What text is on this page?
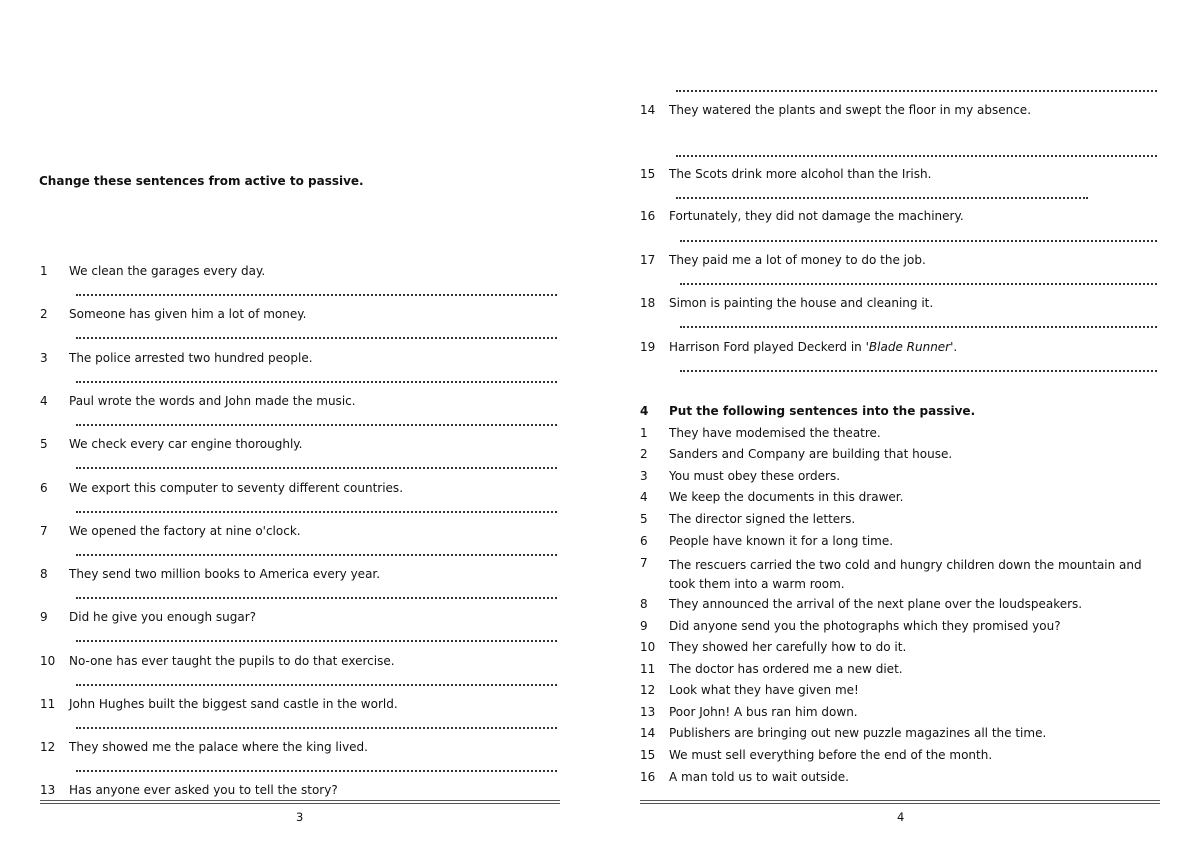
Change these sentences from active to passive.
1 We clean the garages every day.
2 Someone has given him a lot of money.
3 The police arrested two hundred people.
4 Paul wrote the words and John made the music.
5 We check every car engine thoroughly.
6 We export this computer to seventy different countries.
7 We opened the factory at nine o'clock.
8 They send two million books to America every year.
9 Did he give you enough sugar?
10 No-one has ever taught the pupils to do that exercise.
11 John Hughes built the biggest sand castle in the world.
12 They showed me the palace where the king lived.
13 Has anyone ever asked you to tell the story?
3
14 They watered the plants and swept the floor in my absence.
15 The Scots drink more alcohol than the Irish.
16 Fortunately, they did not damage the machinery.
17 They paid me a lot of money to do the job.
18 Simon is painting the house and cleaning it.
19 Harrison Ford played Deckerd in 'Blade Runner'.
4 Put the following sentences into the passive.
1 They have modemised the theatre.
2 Sanders and Company are building that house.
3 You must obey these orders.
4 We keep the documents in this drawer.
5 The director signed the letters.
6 People have known it for a long time.
7 The rescuers carried the two cold and hungry children down the mountain and took them into a warm room.
8 They announced the arrival of the next plane over the loudspeakers.
9 Did anyone send you the photographs which they promised you?
10 They showed her carefully how to do it.
11 The doctor has ordered me a new diet.
12 Look what they have given me!
13 Poor John! A bus ran him down.
14 Publishers are bringing out new puzzle magazines all the time.
15 We must sell everything before the end of the month.
16 A man told us to wait outside.
4
